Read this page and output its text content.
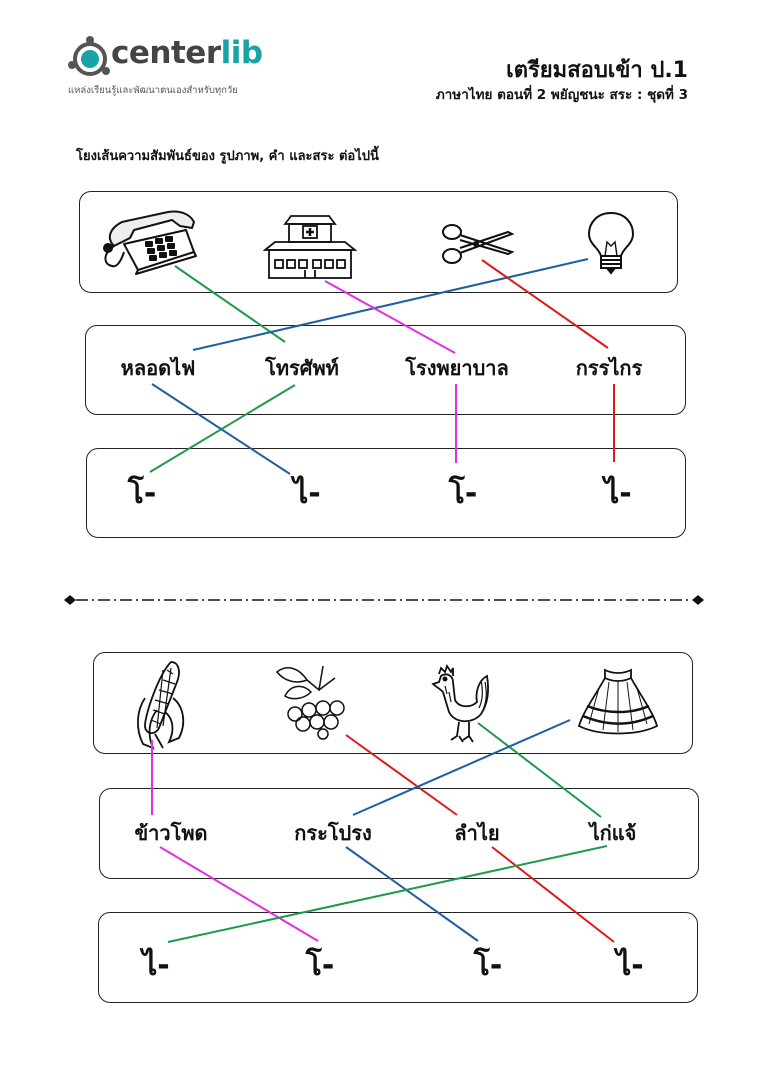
centerlib
แหล่งเรียนรู้และพัฒนาตนเองสำหรับทุกวัย
เตรียมสอบเข้า ป.1
ภาษาไทย ตอนที่ 2 พยัญชนะ สระ : ชุดที่ 3
โยงเส้นความสัมพันธ์ของ รูปภาพ, คำ และสระ ต่อไปนี้
หลอดไฟ	โทรศัพท์	โรงพยาบาล	กรรไกร
โ-	ไ-	โ-	ไ-
ข้าวโพด	กระโปรง	ลำไย	ไก่แจ้
ไ-	โ-	โ-	ไ-
